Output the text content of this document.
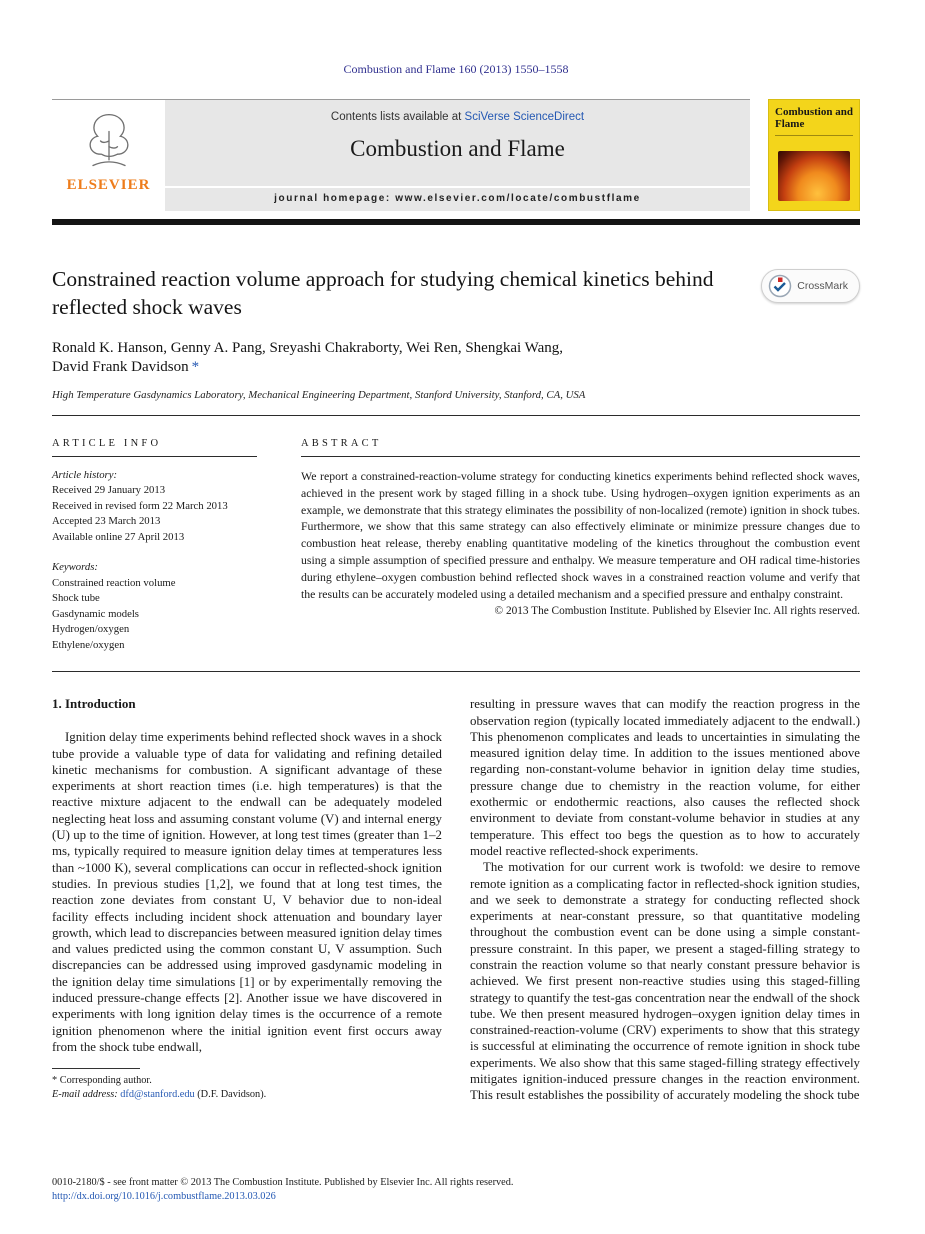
Combustion and Flame 160 (2013) 1550–1558
ELSEVIER
Contents lists available at SciVerse ScienceDirect
Combustion and Flame
journal homepage: www.elsevier.com/locate/combustflame
Combustion and Flame
Constrained reaction volume approach for studying chemical kinetics behind reflected shock waves
CrossMark
Ronald K. Hanson, Genny A. Pang, Sreyashi Chakraborty, Wei Ren, Shengkai Wang,
David Frank Davidson *
High Temperature Gasdynamics Laboratory, Mechanical Engineering Department, Stanford University, Stanford, CA, USA
ARTICLE INFO
Article history:
Received 29 January 2013
Received in revised form 22 March 2013
Accepted 23 March 2013
Available online 27 April 2013
Keywords:
Constrained reaction volume
Shock tube
Gasdynamic models
Hydrogen/oxygen
Ethylene/oxygen
ABSTRACT

We report a constrained-reaction-volume strategy for conducting kinetics experiments behind reflected shock waves, achieved in the present work by staged filling in a shock tube. Using hydrogen–oxygen ignition experiments as an example, we demonstrate that this strategy eliminates the possibility of non-localized (remote) ignition in shock tubes. Furthermore, we show that this same strategy can also effectively eliminate or minimize pressure changes due to combustion heat release, thereby enabling quantitative modeling of the kinetics throughout the combustion event using a simple assumption of specified pressure and enthalpy. We measure temperature and OH radical time-histories during ethylene–oxygen combustion behind reflected shock waves in a constrained reaction volume and verify that the results can be accurately modeled using a detailed mechanism and a specified pressure and enthalpy constraint.

© 2013 The Combustion Institute. Published by Elsevier Inc. All rights reserved.
1. Introduction

Ignition delay time experiments behind reflected shock waves in a shock tube provide a valuable type of data for validating and refining detailed kinetic mechanisms for combustion. A significant advantage of these experiments at short reaction times (i.e. high temperatures) is that the reactive mixture adjacent to the endwall can be adequately modeled neglecting heat loss and assuming constant volume (V) and internal energy (U) up to the time of ignition. However, at long test times (greater than 1–2 ms, typically required to measure ignition delay times at temperatures less than ~1000 K), several complications can occur in reflected-shock ignition studies. In previous studies [1,2], we found that at long test times, the reaction zone deviates from constant U, V behavior due to non-ideal facility effects including incident shock attenuation and boundary layer growth, which lead to discrepancies between measured ignition delay times and values predicted using the common constant U, V assumption. Such discrepancies can be addressed using improved gasdynamic modeling in the ignition delay time simulations [1] or by experimentally removing the induced pressure-change effects [2]. Another issue we have discovered in experiments with long ignition delay times is the occurrence of a remote ignition phenomenon where the initial ignition event first occurs away from the shock tube endwall,

* Corresponding author.

E-mail address: dfd@stanford.edu (D.F. Davidson).

resulting in pressure waves that can modify the reaction progress in the observation region (typically located immediately adjacent to the endwall.) This phenomenon complicates and leads to uncertainties in simulating the measured ignition delay time. In addition to the issues mentioned above regarding non-constant-volume behavior in ignition delay time studies, pressure change due to chemistry in the reaction volume, for either exothermic or endothermic reactions, also causes the reflected shock environment to deviate from constant-volume behavior in studies at any temperature. This effect too begs the question as to how to accurately model reactive reflected-shock experiments.

The motivation for our current work is twofold: we desire to remove remote ignition as a complicating factor in reflected-shock ignition studies, and we seek to demonstrate a strategy for conducting reflected shock experiments at near-constant pressure, so that quantitative modeling throughout the combustion event can be done using a simple constant-pressure constraint. In this paper, we present a staged-filling strategy to constrain the reaction volume so that nearly constant pressure behavior is achieved. We first present non-reactive studies using this staged-filling strategy to quantify the test-gas concentration near the endwall of the shock tube. We then present measured hydrogen–oxygen ignition delay times in constrained-reaction-volume (CRV) experiments to show that this strategy is successful at eliminating the occurrence of remote ignition in shock tube experiments. We also show that this same staged-filling strategy effectively mitigates ignition-induced pressure changes in the reaction environment. This result establishes the possibility of accurately modeling the shock tube

0010-2180/$ - see front matter © 2013 The Combustion Institute. Published by Elsevier Inc. All rights reserved.
http://dx.doi.org/10.1016/j.combustflame.2013.03.026
